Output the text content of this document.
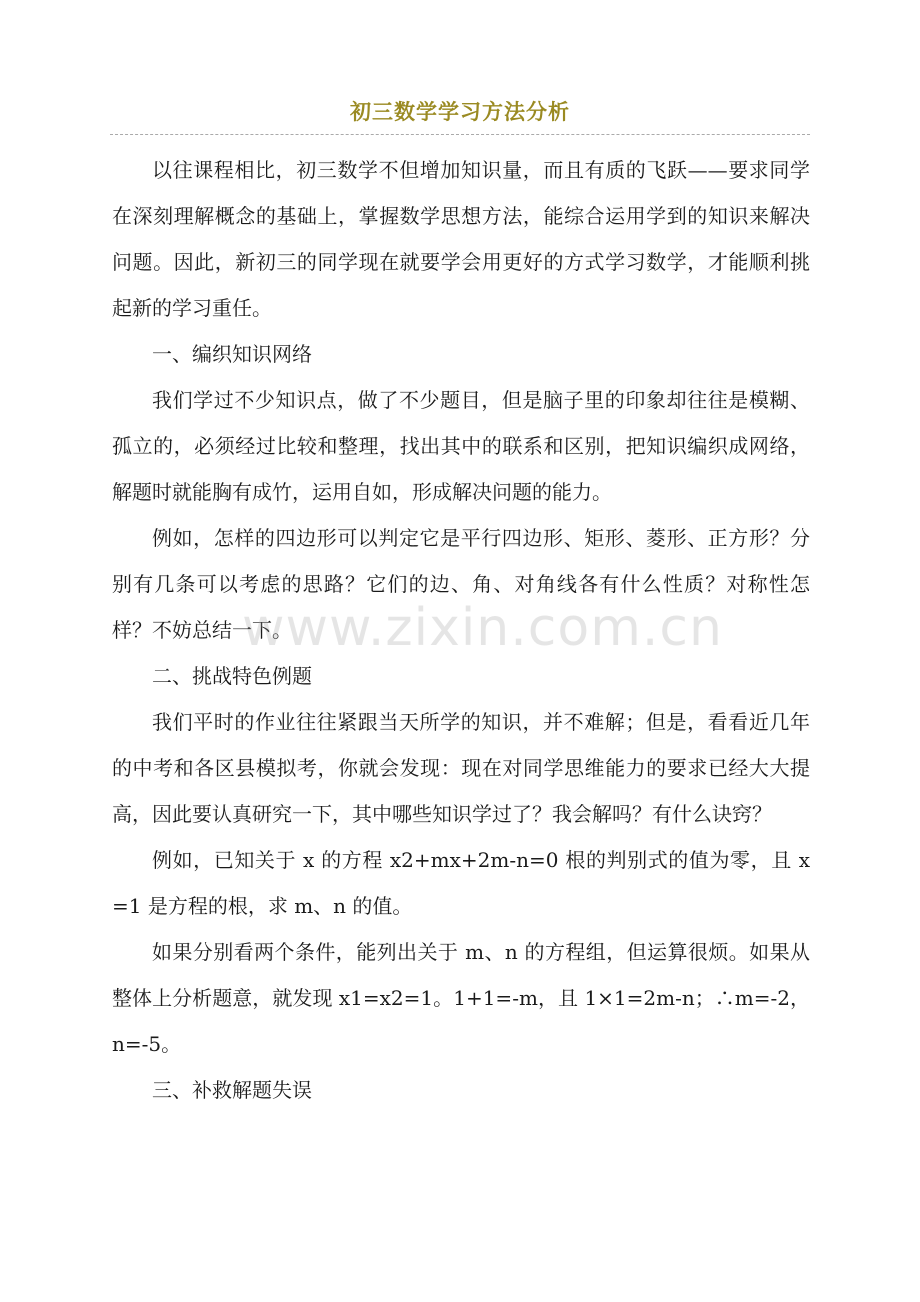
初三数学学习方法分析

以往课程相比，初三数学不但增加知识量，而且有质的飞跃——要求同学在深刻理解概念的基础上，掌握数学思想方法，能综合运用学到的知识来解决问题。因此，新初三的同学现在就要学会用更好的方式学习数学，才能顺利挑起新的学习重任。

一、编织知识网络

我们学过不少知识点，做了不少题目，但是脑子里的印象却往往是模糊、孤立的，必须经过比较和整理，找出其中的联系和区别，把知识编织成网络，解题时就能胸有成竹，运用自如，形成解决问题的能力。

例如，怎样的四边形可以判定它是平行四边形、矩形、菱形、正方形？分别有几条可以考虑的思路？它们的边、角、对角线各有什么性质？对称性怎样？不妨总结一下。

二、挑战特色例题

我们平时的作业往往紧跟当天所学的知识，并不难解；但是，看看近几年的中考和各区县模拟考，你就会发现：现在对同学思维能力的要求已经大大提高，因此要认真研究一下，其中哪些知识学过了？我会解吗？有什么诀窍？

例如，已知关于 x 的方程 x2+mx+2m-n=0 根的判别式的值为零，且 x=1 是方程的根，求 m、n 的值。

如果分别看两个条件，能列出关于 m、n 的方程组，但运算很烦。如果从整体上分析题意，就发现 x1=x2=1。1+1=-m，且 1×1=2m-n；∴m=-2，n=-5。

三、补救解题失误

www.zixin.com.cn
